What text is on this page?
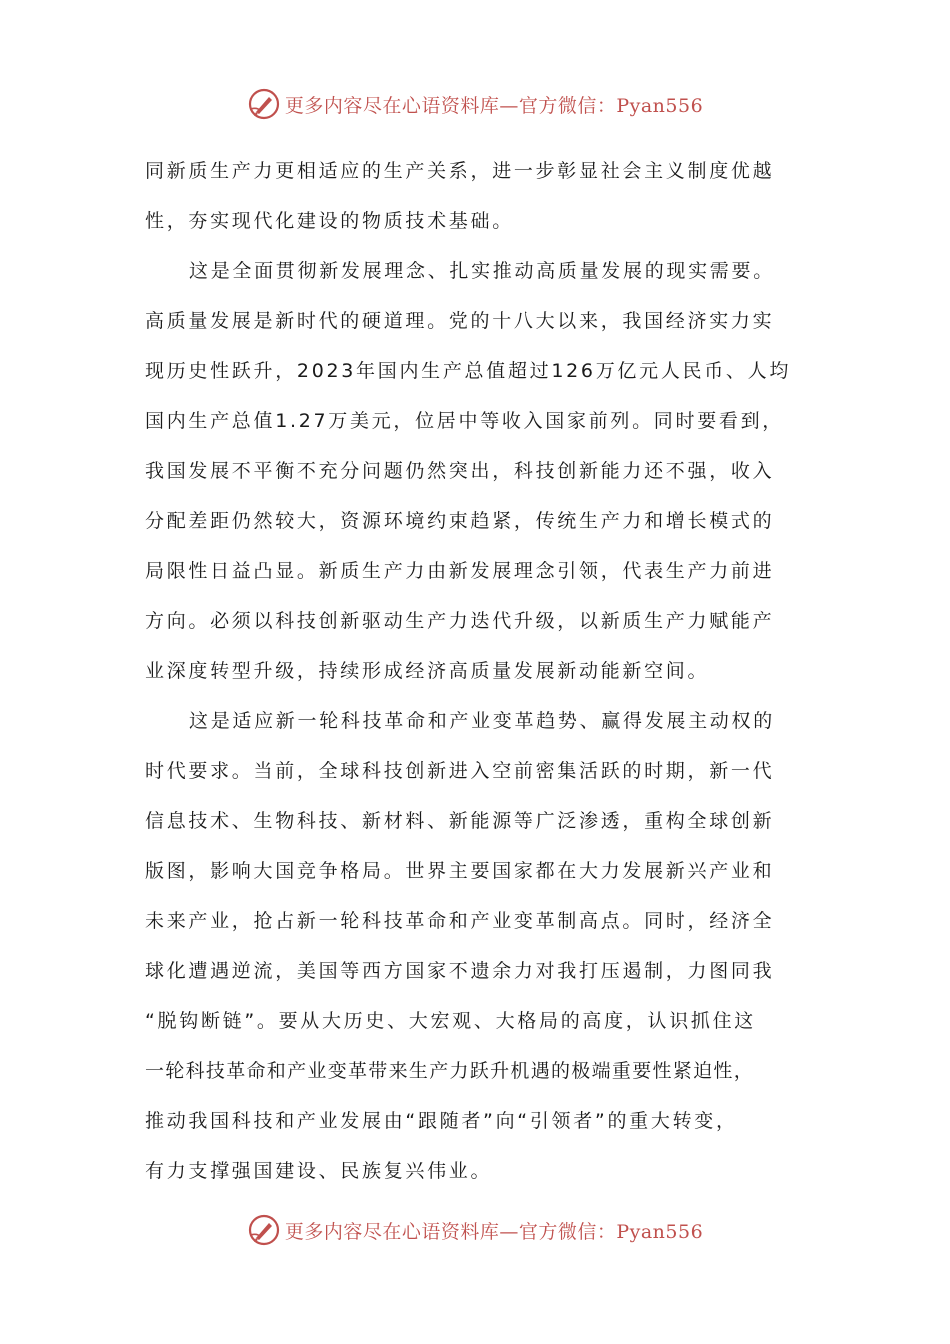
更多内容尽在心语资料库—官方微信：Pyan556
同新质生产力更相适应的生产关系，进一步彰显社会主义制度优越
性，夯实现代化建设的物质技术基础。
这是全面贯彻新发展理念、扎实推动高质量发展的现实需要。
高质量发展是新时代的硬道理。党的十八大以来，我国经济实力实
现历史性跃升，2023年国内生产总值超过126万亿元人民币、人均
国内生产总值1.27万美元，位居中等收入国家前列。同时要看到，
我国发展不平衡不充分问题仍然突出，科技创新能力还不强，收入
分配差距仍然较大，资源环境约束趋紧，传统生产力和增长模式的
局限性日益凸显。新质生产力由新发展理念引领，代表生产力前进
方向。必须以科技创新驱动生产力迭代升级，以新质生产力赋能产
业深度转型升级，持续形成经济高质量发展新动能新空间。
这是适应新一轮科技革命和产业变革趋势、赢得发展主动权的
时代要求。当前，全球科技创新进入空前密集活跃的时期，新一代
信息技术、生物科技、新材料、新能源等广泛渗透，重构全球创新
版图，影响大国竞争格局。世界主要国家都在大力发展新兴产业和
未来产业，抢占新一轮科技革命和产业变革制高点。同时，经济全
球化遭遇逆流，美国等西方国家不遗余力对我打压遏制，力图同我
“脱钩断链”。要从大历史、大宏观、大格局的高度，认识抓住这
一轮科技革命和产业变革带来生产力跃升机遇的极端重要性紧迫性，
推动我国科技和产业发展由“跟随者”向“引领者”的重大转变，
有力支撑强国建设、民族复兴伟业。
更多内容尽在心语资料库—官方微信：Pyan556
